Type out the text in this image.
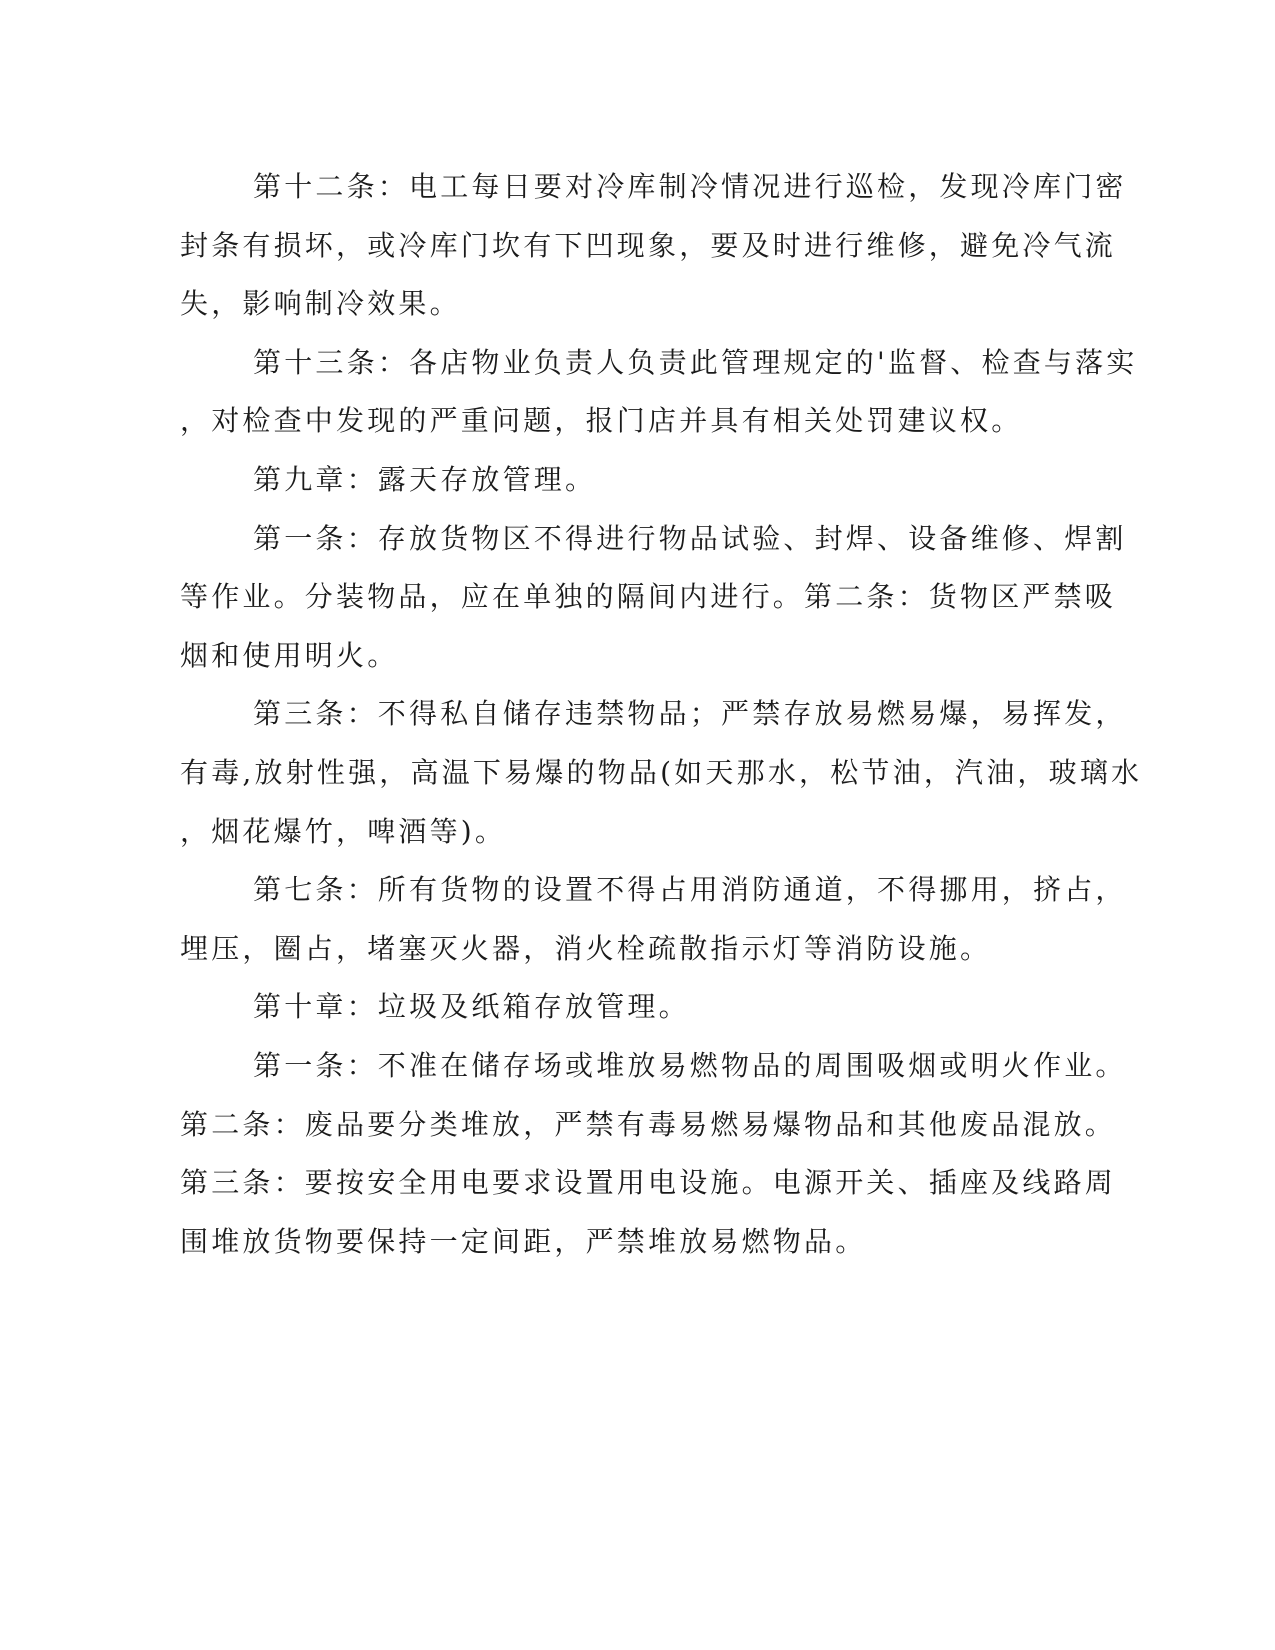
第十二条：电工每日要对冷库制冷情况进行巡检，发现冷库门密
封条有损坏，或冷库门坎有下凹现象，要及时进行维修，避免冷气流
失，影响制冷效果。
第十三条：各店物业负责人负责此管理规定的'监督、检查与落实
，对检查中发现的严重问题，报门店并具有相关处罚建议权。
第九章：露天存放管理。
第一条：存放货物区不得进行物品试验、封焊、设备维修、焊割
等作业。分装物品，应在单独的隔间内进行。第二条：货物区严禁吸
烟和使用明火。
第三条：不得私自储存违禁物品；严禁存放易燃易爆，易挥发，
有毒,放射性强，高温下易爆的物品(如天那水，松节油，汽油，玻璃水
，烟花爆竹，啤酒等)。
第七条：所有货物的设置不得占用消防通道，不得挪用，挤占，
埋压，圈占，堵塞灭火器，消火栓疏散指示灯等消防设施。
第十章：垃圾及纸箱存放管理。
第一条：不准在储存场或堆放易燃物品的周围吸烟或明火作业。
第二条：废品要分类堆放，严禁有毒易燃易爆物品和其他废品混放。
第三条：要按安全用电要求设置用电设施。电源开关、插座及线路周
围堆放货物要保持一定间距，严禁堆放易燃物品。
